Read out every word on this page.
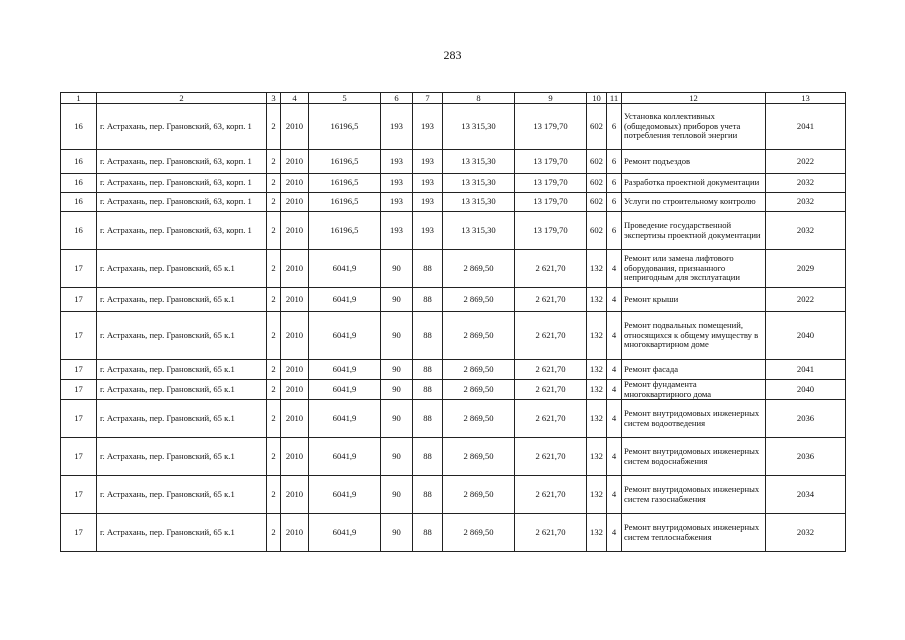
283
1	2	3	4	5	6	7	8	9	10	11	12	13
16	г. Астрахань, пер. Грановский, 63, корп. 1	2	2010	16196,5	193	193	13 315,30	13 179,70	602	6	Установка коллективных (общедомовых) приборов учета потребления тепловой энергии	2041
16	г. Астрахань, пер. Грановский, 63, корп. 1	2	2010	16196,5	193	193	13 315,30	13 179,70	602	6	Ремонт подъездов	2022
16	г. Астрахань, пер. Грановский, 63, корп. 1	2	2010	16196,5	193	193	13 315,30	13 179,70	602	6	Разработка проектной документации	2032
16	г. Астрахань, пер. Грановский, 63, корп. 1	2	2010	16196,5	193	193	13 315,30	13 179,70	602	6	Услуги по строительному контролю	2032
16	г. Астрахань, пер. Грановский, 63, корп. 1	2	2010	16196,5	193	193	13 315,30	13 179,70	602	6	Проведение государственной экспертизы проектной документации	2032
17	г. Астрахань, пер. Грановский, 65 к.1	2	2010	6041,9	90	88	2 869,50	2 621,70	132	4	Ремонт или замена лифтового оборудования, признанного непригодным для эксплуатации	2029
17	г. Астрахань, пер. Грановский, 65 к.1	2	2010	6041,9	90	88	2 869,50	2 621,70	132	4	Ремонт крыши	2022
17	г. Астрахань, пер. Грановский, 65 к.1	2	2010	6041,9	90	88	2 869,50	2 621,70	132	4	Ремонт подвальных помещений, относящихся к общему имуществу в многоквартирном доме	2040
17	г. Астрахань, пер. Грановский, 65 к.1	2	2010	6041,9	90	88	2 869,50	2 621,70	132	4	Ремонт фасада	2041
17	г. Астрахань, пер. Грановский, 65 к.1	2	2010	6041,9	90	88	2 869,50	2 621,70	132	4	Ремонт фундамента многоквартирного дома	2040
17	г. Астрахань, пер. Грановский, 65 к.1	2	2010	6041,9	90	88	2 869,50	2 621,70	132	4	Ремонт внутридомовых инженерных систем водоотведения	2036
17	г. Астрахань, пер. Грановский, 65 к.1	2	2010	6041,9	90	88	2 869,50	2 621,70	132	4	Ремонт внутридомовых инженерных систем водоснабжения	2036
17	г. Астрахань, пер. Грановский, 65 к.1	2	2010	6041,9	90	88	2 869,50	2 621,70	132	4	Ремонт внутридомовых инженерных систем газоснабжения	2034
17	г. Астрахань, пер. Грановский, 65 к.1	2	2010	6041,9	90	88	2 869,50	2 621,70	132	4	Ремонт внутридомовых инженерных систем теплоснабжения	2032
